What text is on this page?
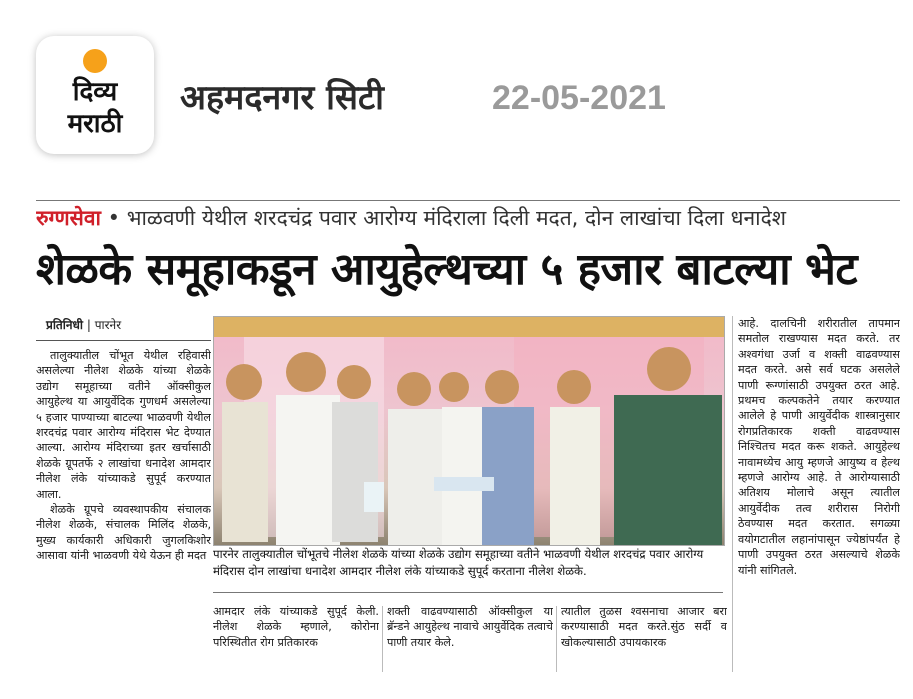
दिव्य
मराठी
अहमदनगर सिटी	22-05-2021
रुग्णसेवा • भाळवणी येथील शरदचंद्र पवार आरोग्य मंदिराला दिली मदत, दोन लाखांचा दिला धनादेश
शेळके समूहाकडून आयुहेल्थच्या ५ हजार बाटल्या भेट
प्रतिनिधी | पारनेर

तालुक्यातील चोंभूत येथील रहिवासी असलेल्या नीलेश शेळके यांच्या शेळके उद्योग समूहाच्या वतीने ऑक्सीकुल आयुहेल्थ या आयुर्वेदिक गुणधर्म असलेल्या ५ हजार पाण्याच्या बाटल्या भाळवणी येथील शरदचंद्र पवार आरोग्य मंदिरास भेट देण्यात आल्या. आरोग्य मंदिराच्या इतर खर्चासाठी शेळके ग्रूपतर्फे २ लाखांचा धनादेश आमदार नीलेश लंके यांच्याकडे सुपूर्द करण्यात आला.

शेळके ग्रूपचे व्यवस्थापकीय संचालक नीलेश शेळके, संचालक मिलिंद शेळके, मुख्य कार्यकारी अधिकारी जुगलकिशोर आसावा यांनी भाळवणी येथे येऊन ही मदत पारनेर तालुक्यातील चोंभूतचे नीलेश शेळके यांच्या शेळके उद्योग समूहाच्या वतीने भाळवणी येथील शरदचंद्र पवार आरोग्य मंदिरास दोन लाखांचा धनादेश आमदार नीलेश लंके यांच्याकडे सुपूर्द करताना नीलेश शेळके.
आमदार लंके यांच्याकडे सुपूर्द केली. नीलेश शेळके म्हणाले, कोरोना परिस्थितीत रोग प्रतिकारक
शक्ती वाढवण्यासाठी ऑक्सीकुल या ब्रॅन्डने आयुहेल्थ नावाचे आयुर्वेदिक तत्वाचे पाणी तयार केले.
त्यातील तुळस श्वसनाचा आजार बरा करण्यासाठी मदत करते.सुंठ सर्दी व खोकल्यासाठी उपायकारक
आहे. दालचिनी शरीरातील तापमान समतोल राखण्यास मदत करते. तर अश्वगंधा उर्जा व शक्ती वाढवण्यास मदत करते. असे सर्व घटक असलेले पाणी रूग्णांसाठी उपयुक्त ठरत आहे. प्रथमच कल्पकतेने तयार करण्यात आलेले हे पाणी आयुर्वेदीक शास्त्रानुसार रोगप्रतिकारक शक्ती वाढवण्यास निश्चितच मदत करू शकते. आयुहेल्थ नावामध्येच आयु म्हणजे आयुष्य व हेल्थ म्हणजे आरोग्य आहे. ते आरोग्यासाठी अतिशय मोलाचे असून त्यातील आयुर्वेदीक तत्व शरीरास निरोगी ठेवण्यास मदत करतात. सगळ्या वयोगटातील लहानांपासून ज्येष्ठांपर्यंत हे पाणी उपयुक्त ठरत असल्याचे शेळके यांनी सांगितले.
